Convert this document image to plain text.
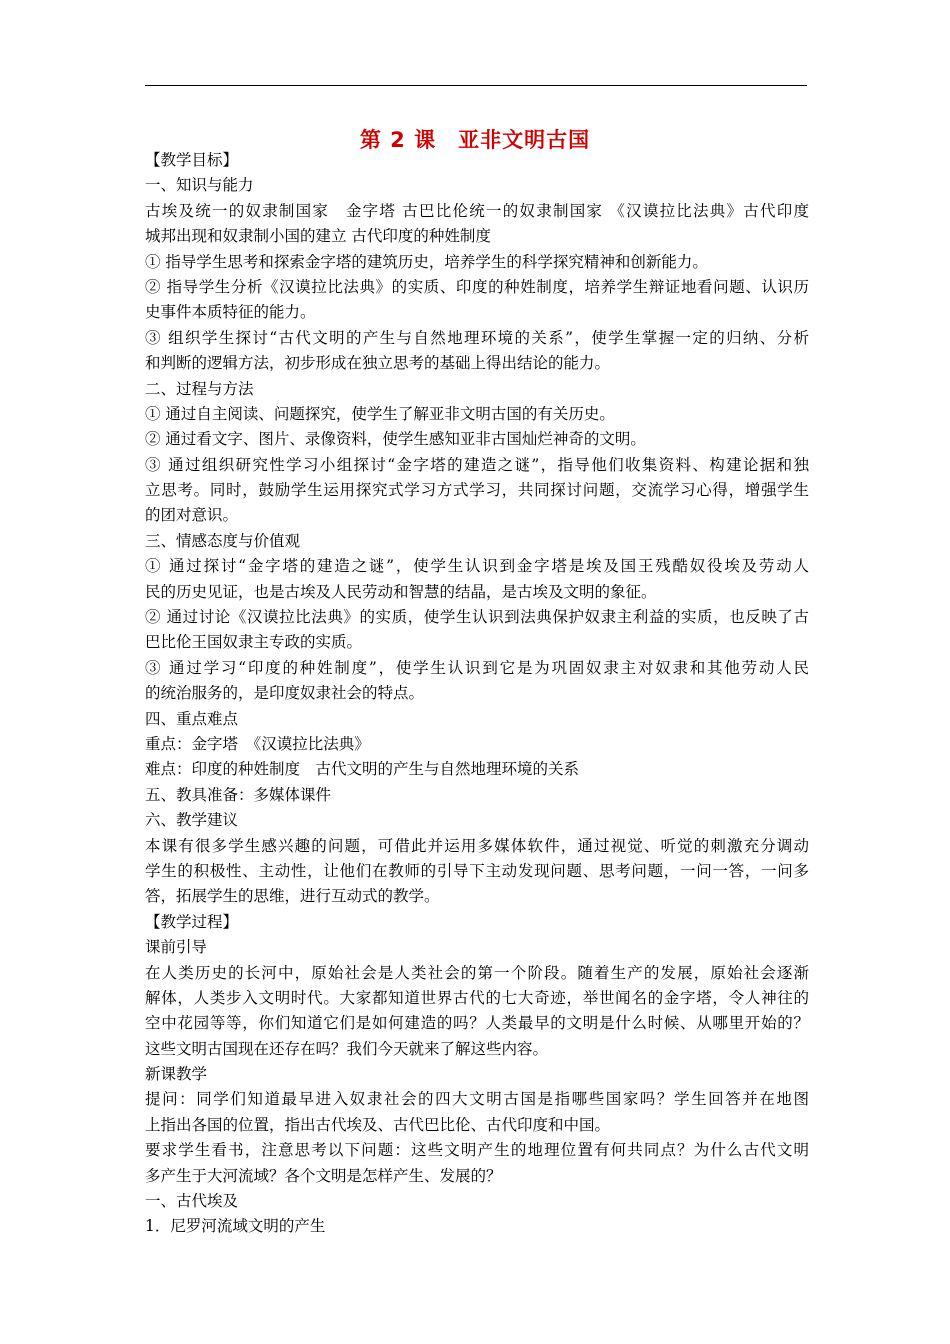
第 2 课　亚非文明古国
【教学目标】
一、知识与能力
古埃及统一的奴隶制国家　金字塔 古巴比伦统一的奴隶制国家 《汉谟拉比法典》古代印度
城邦出现和奴隶制小国的建立 古代印度的种姓制度
① 指导学生思考和探索金字塔的建筑历史，培养学生的科学探究精神和创新能力。
② 指导学生分析《汉谟拉比法典》的实质、印度的种姓制度，培养学生辩证地看问题、认识历
史事件本质特征的能力。
③ 组织学生探讨“古代文明的产生与自然地理环境的关系”，使学生掌握一定的归纳、分析
和判断的逻辑方法，初步形成在独立思考的基础上得出结论的能力。
二、过程与方法
① 通过自主阅读、问题探究，使学生了解亚非文明古国的有关历史。
② 通过看文字、图片、录像资料，使学生感知亚非古国灿烂神奇的文明。
③ 通过组织研究性学习小组探讨“金字塔的建造之谜”，指导他们收集资料、构建论据和独
立思考。同时，鼓励学生运用探究式学习方式学习，共同探讨问题，交流学习心得，增强学生
的团对意识。
三、情感态度与价值观
① 通过探讨“金字塔的建造之谜”，使学生认识到金字塔是埃及国王残酷奴役埃及劳动人
民的历史见证，也是古埃及人民劳动和智慧的结晶，是古埃及文明的象征。
② 通过讨论《汉谟拉比法典》的实质，使学生认识到法典保护奴隶主利益的实质，也反映了古
巴比伦王国奴隶主专政的实质。
③ 通过学习“印度的种姓制度”，使学生认识到它是为巩固奴隶主对奴隶和其他劳动人民
的统治服务的，是印度奴隶社会的特点。
四、重点难点
重点：金字塔　《汉谟拉比法典》
难点：印度的种姓制度　古代文明的产生与自然地理环境的关系
五、教具准备：多媒体课件
六、教学建议
本课有很多学生感兴趣的问题，可借此并运用多媒体软件，通过视觉、听觉的刺激充分调动
学生的积极性、主动性，让他们在教师的引导下主动发现问题、思考问题，一问一答，一问多
答，拓展学生的思维，进行互动式的教学。
【教学过程】
课前引导
在人类历史的长河中，原始社会是人类社会的第一个阶段。随着生产的发展，原始社会逐渐
解体，人类步入文明时代。大家都知道世界古代的七大奇迹，举世闻名的金字塔，令人神往的
空中花园等等，你们知道它们是如何建造的吗？人类最早的文明是什么时候、从哪里开始的？
这些文明古国现在还存在吗？我们今天就来了解这些内容。
新课教学
提问：同学们知道最早进入奴隶社会的四大文明古国是指哪些国家吗？学生回答并在地图
上指出各国的位置，指出古代埃及、古代巴比伦、古代印度和中国。
要求学生看书，注意思考以下问题：这些文明产生的地理位置有何共同点？为什么古代文明
多产生于大河流域？各个文明是怎样产生、发展的？
一、古代埃及
1．尼罗河流域文明的产生
